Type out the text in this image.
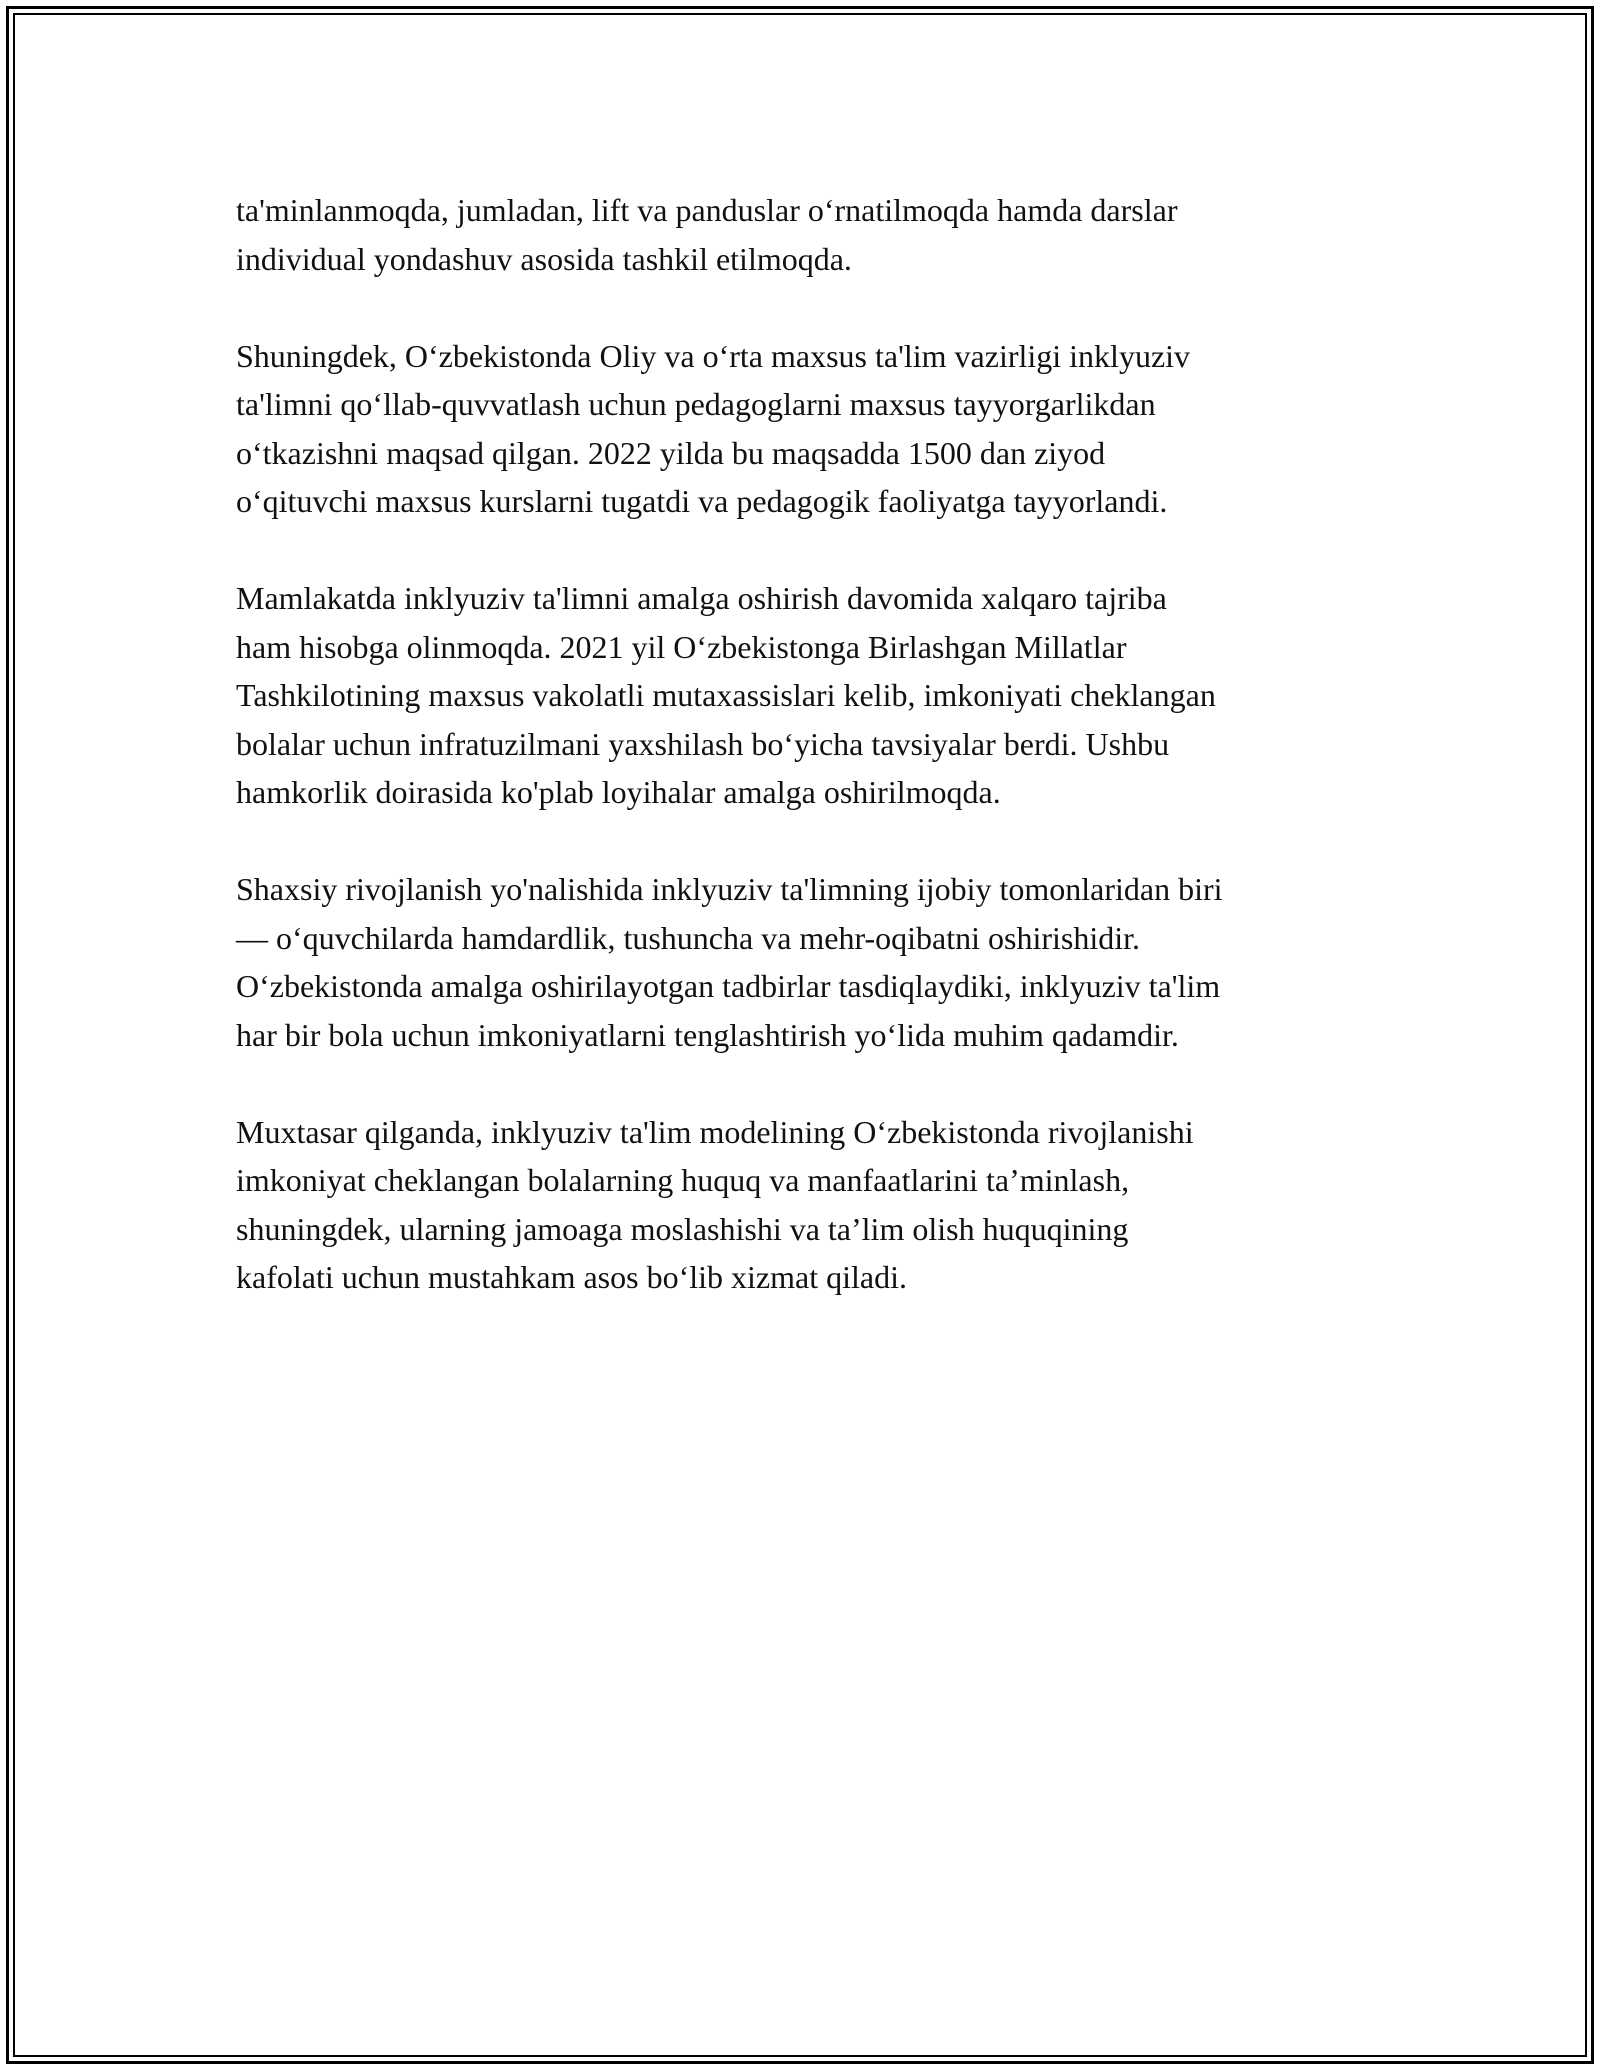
ta'minlanmoqda, jumladan, lift va panduslar oʻrnatilmoqda hamda darslar
individual yondashuv asosida tashkil etilmoqda.

Shuningdek, Oʻzbekistonda Oliy va oʻrta maxsus ta'lim vazirligi inklyuziv
ta'limni qoʻllab-quvvatlash uchun pedagoglarni maxsus tayyorgarlikdan
oʻtkazishni maqsad qilgan. 2022 yilda bu maqsadda 1500 dan ziyod
oʻqituvchi maxsus kurslarni tugatdi va pedagogik faoliyatga tayyorlandi.

Mamlakatda inklyuziv ta'limni amalga oshirish davomida xalqaro tajriba
ham hisobga olinmoqda. 2021 yil Oʻzbekistonga Birlashgan Millatlar
Tashkilotining maxsus vakolatli mutaxassislari kelib, imkoniyati cheklangan
bolalar uchun infratuzilmani yaxshilash boʻyicha tavsiyalar berdi. Ushbu
hamkorlik doirasida ko'plab loyihalar amalga oshirilmoqda.

Shaxsiy rivojlanish yo'nalishida inklyuziv ta'limning ijobiy tomonlaridan biri
— oʻquvchilarda hamdardlik, tushuncha va mehr-oqibatni oshirishidir.
Oʻzbekistonda amalga oshirilayotgan tadbirlar tasdiqlaydiki, inklyuziv ta'lim
har bir bola uchun imkoniyatlarni tenglashtirish yoʻlida muhim qadamdir.

Muxtasar qilganda, inklyuziv ta'lim modelining Oʻzbekistonda rivojlanishi
imkoniyat cheklangan bolalarning huquq va manfaatlarini ta’minlash,
shuningdek, ularning jamoaga moslashishi va ta’lim olish huquqining
kafolati uchun mustahkam asos boʻlib xizmat qiladi.
